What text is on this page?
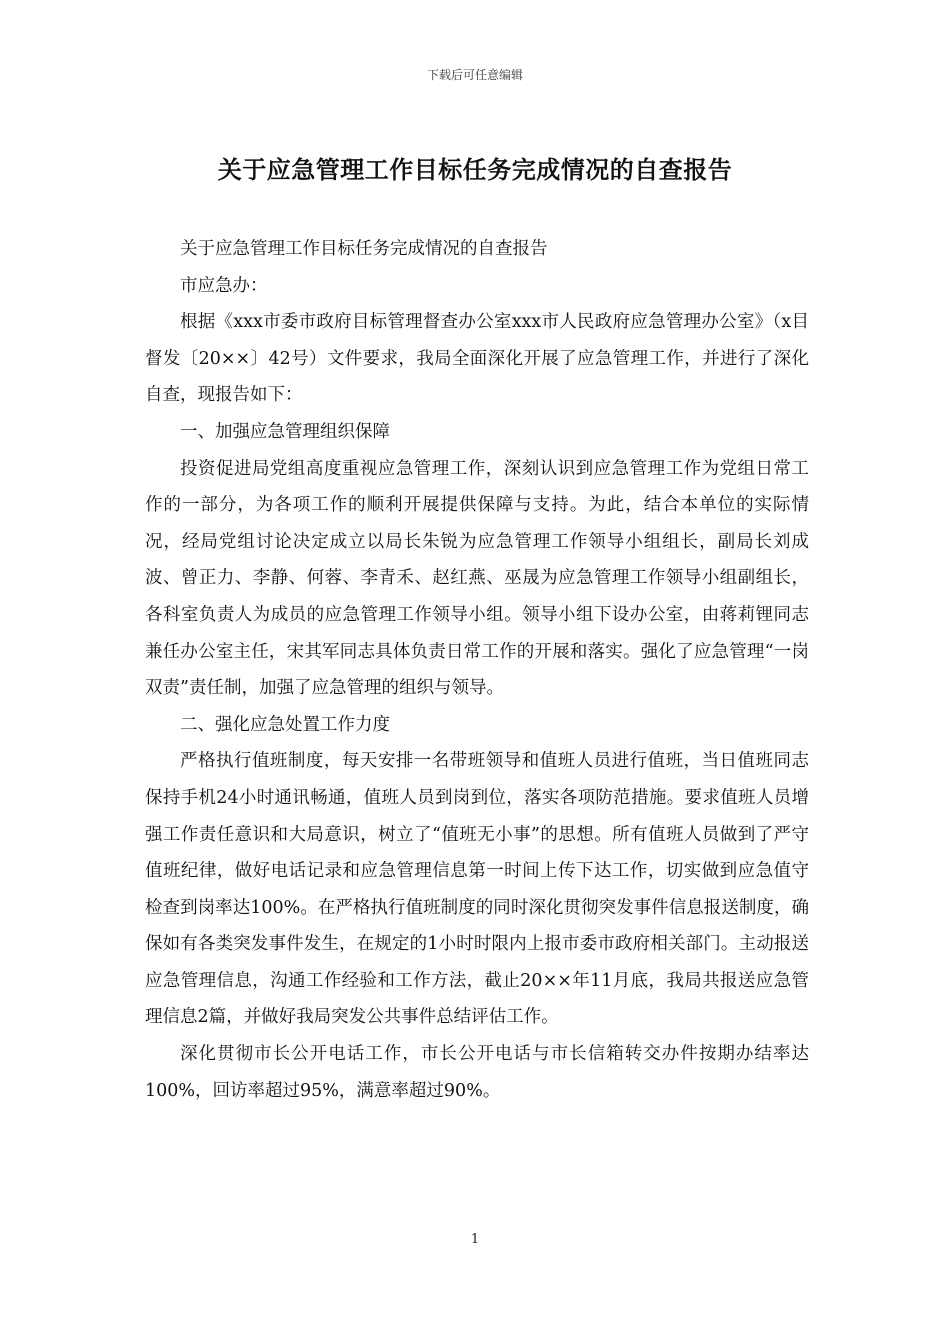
下载后可任意编辑
关于应急管理工作目标任务完成情况的自查报告

关于应急管理工作目标任务完成情况的自查报告

市应急办：

根据《xxx市委市政府目标管理督查办公室xxx市人民政府应急管理办公室》（x目督发〔20××〕42号）文件要求，我局全面深化开展了应急管理工作，并进行了深化自查，现报告如下：

一、加强应急管理组织保障

投资促进局党组高度重视应急管理工作，深刻认识到应急管理工作为党组日常工作的一部分，为各项工作的顺利开展提供保障与支持。为此，结合本单位的实际情况，经局党组讨论决定成立以局长朱锐为应急管理工作领导小组组长，副局长刘成波、曾正力、李静、何蓉、李青禾、赵红燕、巫晟为应急管理工作领导小组副组长，各科室负责人为成员的应急管理工作领导小组。领导小组下设办公室，由蒋莉锂同志兼任办公室主任，宋其军同志具体负责日常工作的开展和落实。强化了应急管理“一岗双责”责任制，加强了应急管理的组织与领导。

二、强化应急处置工作力度

严格执行值班制度，每天安排一名带班领导和值班人员进行值班，当日值班同志保持手机24小时通讯畅通，值班人员到岗到位，落实各项防范措施。要求值班人员增强工作责任意识和大局意识，树立了“值班无小事”的思想。所有值班人员做到了严守值班纪律，做好电话记录和应急管理信息第一时间上传下达工作，切实做到应急值守检查到岗率达100%。在严格执行值班制度的同时深化贯彻突发事件信息报送制度，确保如有各类突发事件发生，在规定的1小时时限内上报市委市政府相关部门。主动报送应急管理信息，沟通工作经验和工作方法，截止20××年11月底，我局共报送应急管理信息2篇，并做好我局突发公共事件总结评估工作。

深化贯彻市长公开电话工作，市长公开电话与市长信箱转交办件按期办结率达100%，回访率超过95%，满意率超过90%。

1
